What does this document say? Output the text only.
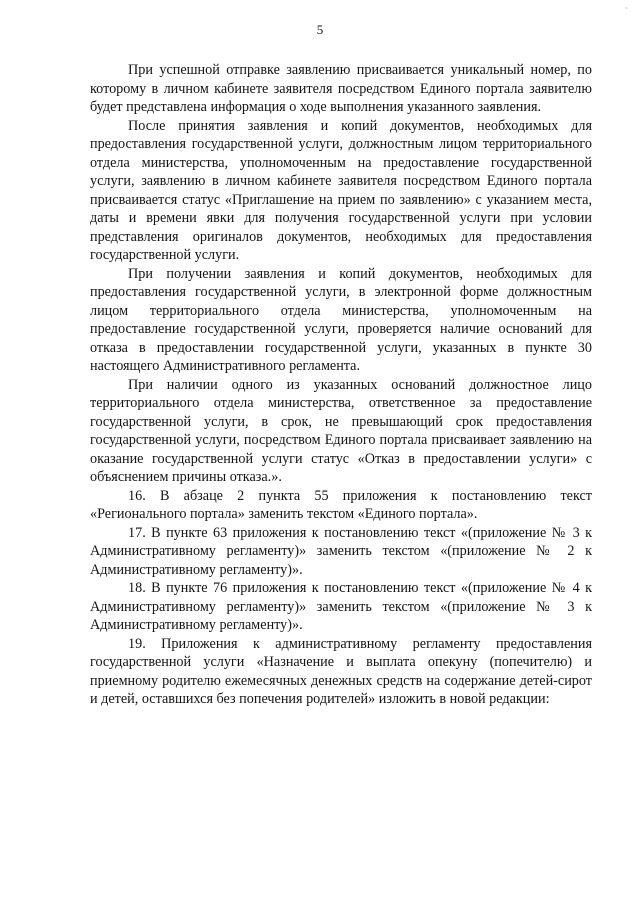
·
5

При успешной отправке заявлению присваивается уникальный номер, по которому в личном кабинете заявителя посредством Единого портала заявителю будет представлена информация о ходе выполнения указанного заявления.

После принятия заявления и копий документов, необходимых для предоставления государственной услуги, должностным лицом территориального отдела министерства, уполномоченным на предоставление государственной услуги, заявлению в личном кабинете заявителя посредством Единого портала присваивается статус «Приглашение на прием по заявлению» с указанием места, даты и времени явки для получения государственной услуги при условии представления оригиналов документов, необходимых для предоставления государственной услуги.

При получении заявления и копий документов, необходимых для предоставления государственной услуги, в электронной форме должностным лицом территориального отдела министерства, уполномоченным на предоставление государственной услуги, проверяется наличие оснований для отказа в предоставлении государственной услуги, указанных в пункте 30 настоящего Административного регламента.

При наличии одного из указанных оснований должностное лицо территориального отдела министерства, ответственное за предоставление государственной услуги, в срок, не превышающий срок предоставления государственной услуги, посредством Единого портала присваивает заявлению на оказание государственной услуги статус «Отказ в предоставлении услуги» с объяснением причины отказа.».

16. В абзаце 2 пункта 55 приложения к постановлению текст «Регионального портала» заменить текстом «Единого портала».

17. В пункте 63 приложения к постановлению текст «(приложение № 3 к Административному регламенту)» заменить текстом «(приложение № 2 к Административному регламенту)».

18. В пункте 76 приложения к постановлению текст «(приложение № 4 к Административному регламенту)» заменить текстом «(приложение № 3 к Административному регламенту)».

19. Приложения к административному регламенту предоставления государственной услуги «Назначение и выплата опекуну (попечителю) и приемному родителю ежемесячных денежных средств на содержание детей-сирот и детей, оставшихся без попечения родителей» изложить в новой редакции:
